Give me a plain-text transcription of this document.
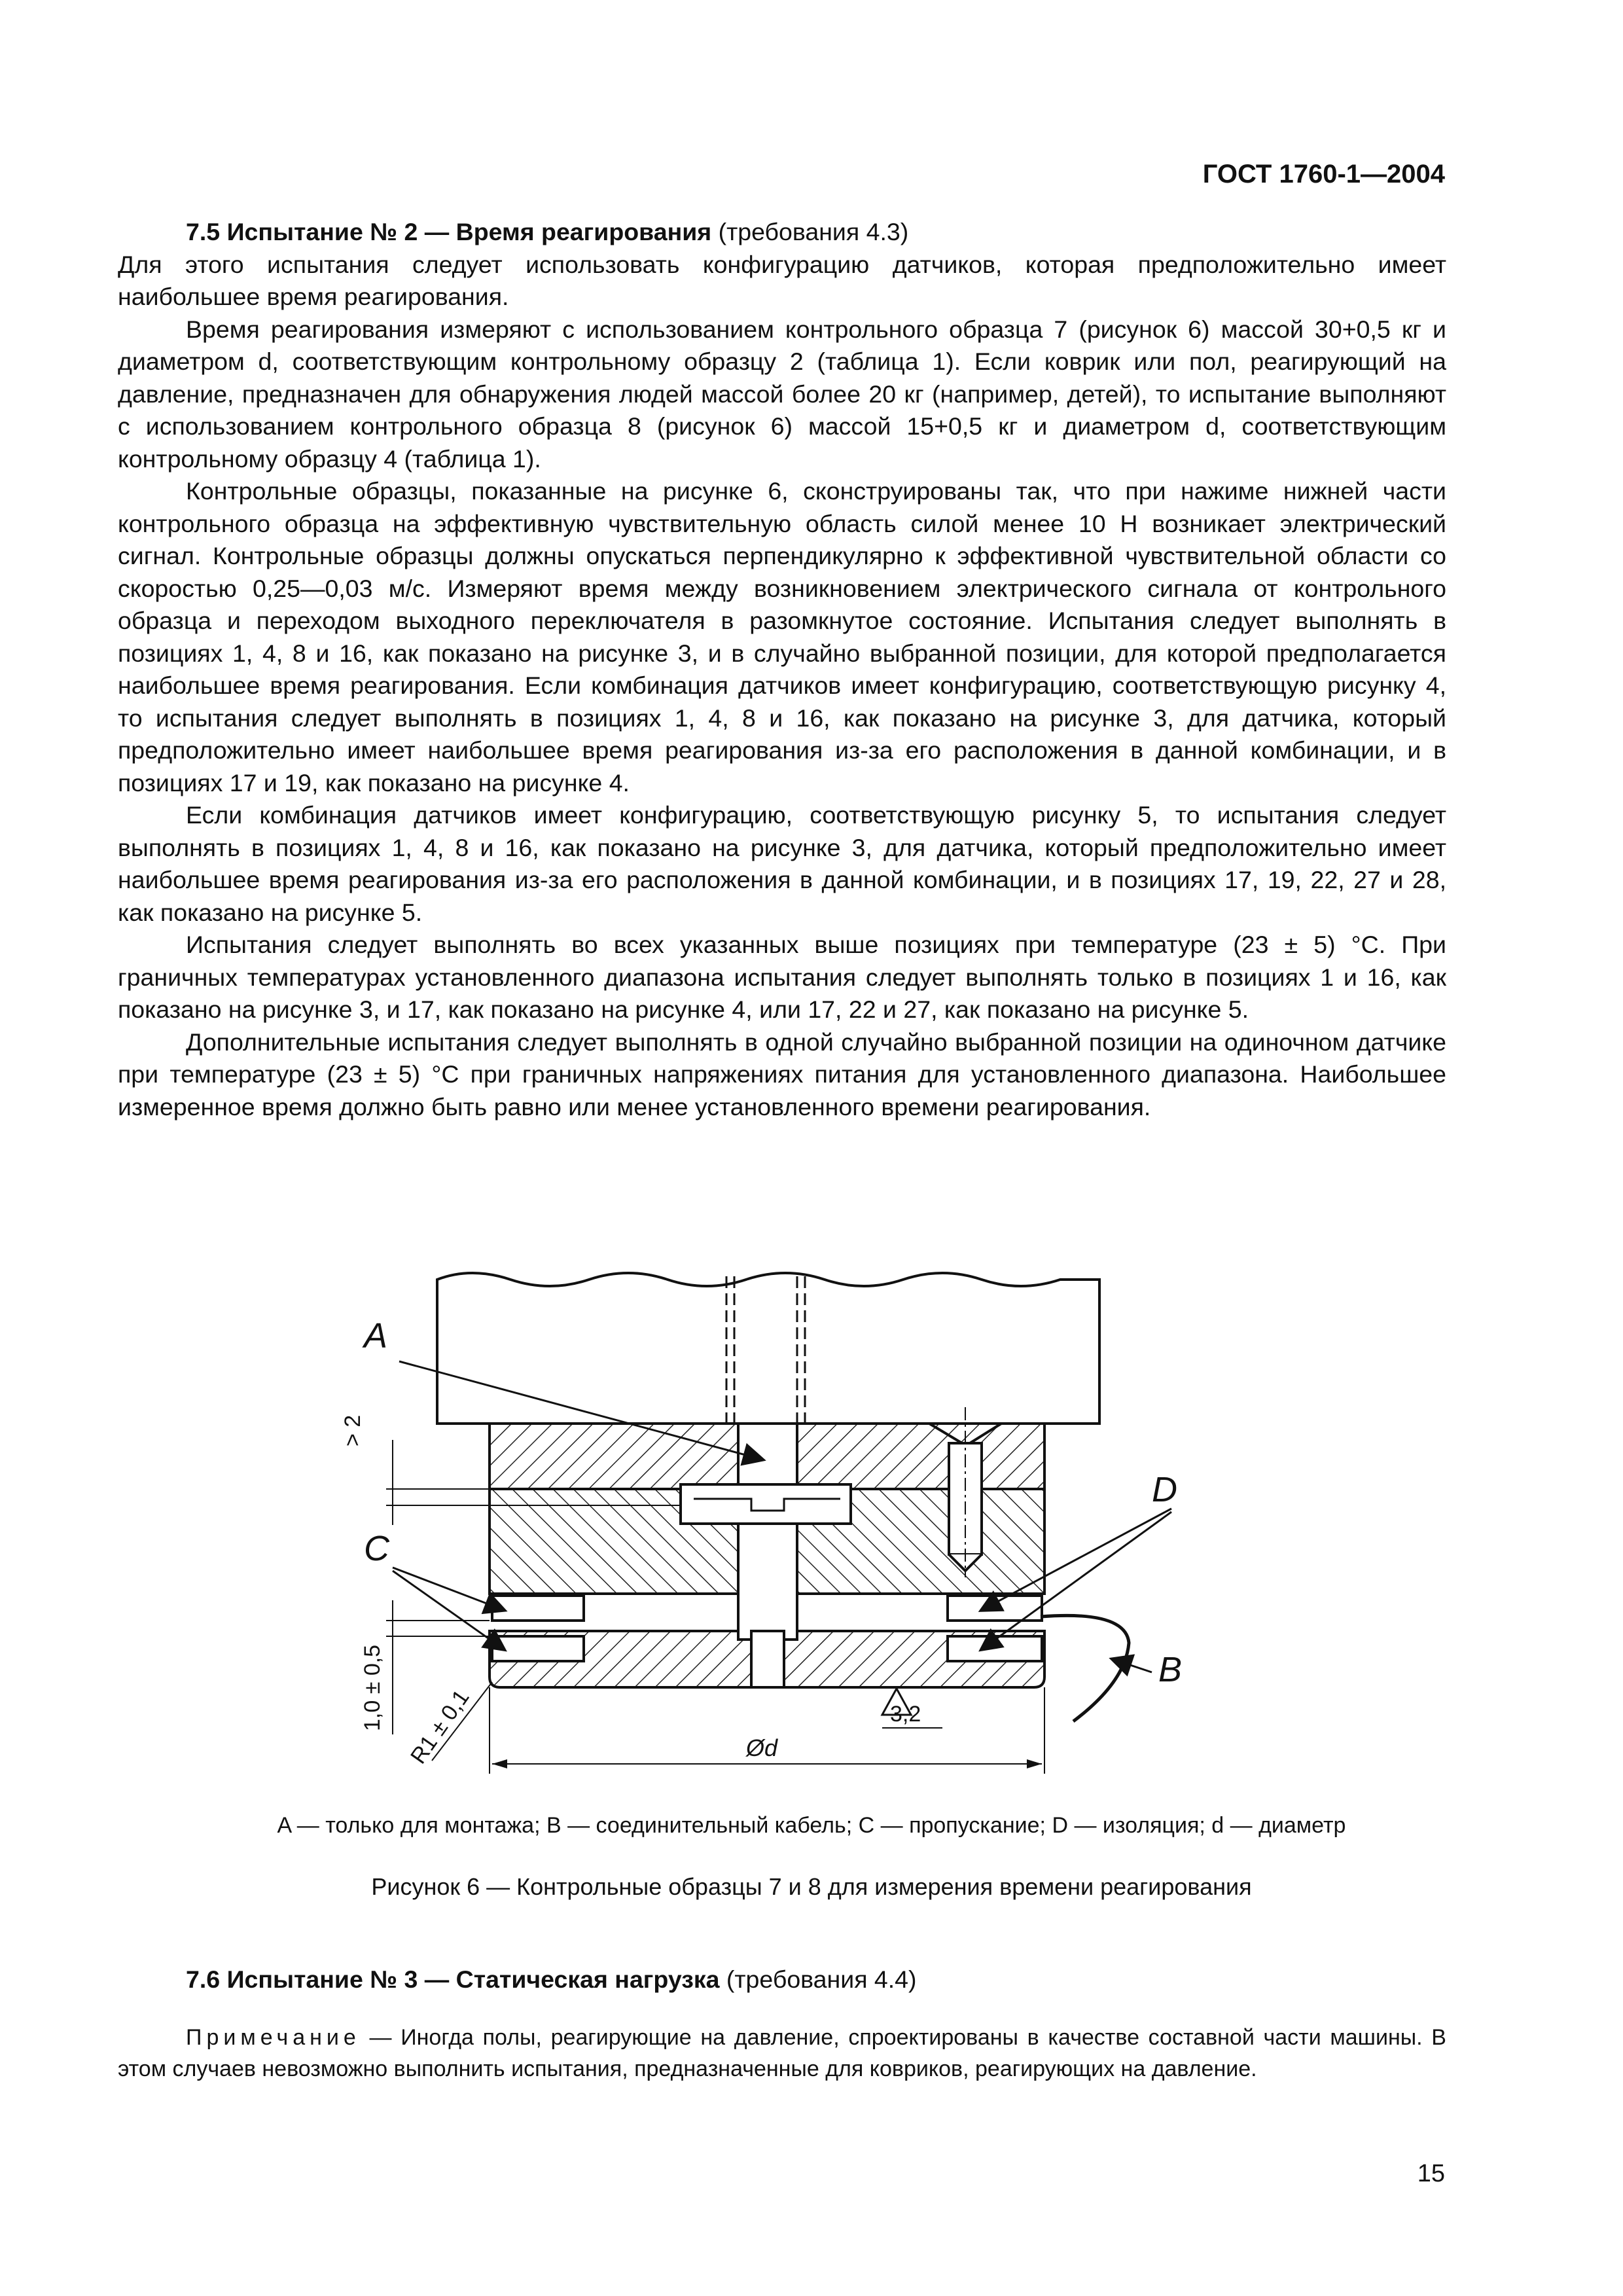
ГОСТ 1760-1—2004

7.5 Испытание № 2 — Время реагирования (требования 4.3)

Для этого испытания следует использовать конфигурацию датчиков, которая предположительно имеет наибольшее время реагирования.

Время реагирования измеряют с использованием контрольного образца 7 (рисунок 6) массой 30+0,5 кг и диаметром d, соответствующим контрольному образцу 2 (таблица 1). Если коврик или пол, реагирующий на давление, предназначен для обнаружения людей массой более 20 кг (например, детей), то испытание выполняют с использованием контрольного образца 8 (рисунок 6) массой 15+0,5 кг и диаметром d, соответствующим контрольному образцу 4 (таблица 1).

Контрольные образцы, показанные на рисунке 6, сконструированы так, что при нажиме нижней части контрольного образца на эффективную чувствительную область силой менее 10 Н возникает электрический сигнал. Контрольные образцы должны опускаться перпендикулярно к эффективной чувствительной области со скоростью 0,25—0,03 м/с. Измеряют время между возникновением электрического сигнала от контрольного образца и переходом выходного переключателя в разомкнутое состояние. Испытания следует выполнять в позициях 1, 4, 8 и 16, как показано на рисунке 3, и в случайно выбранной позиции, для которой предполагается наибольшее время реагирования. Если комбинация датчиков имеет конфигурацию, соответствующую рисунку 4, то испытания следует выполнять в позициях 1, 4, 8 и 16, как показано на рисунке 3, для датчика, который предположительно имеет наибольшее время реагирования из-за его расположения в данной комбинации, и в позициях 17 и 19, как показано на рисунке 4.

Если комбинация датчиков имеет конфигурацию, соответствующую рисунку 5, то испытания следует выполнять в позициях 1, 4, 8 и 16, как показано на рисунке 3, для датчика, который предположительно имеет наибольшее время реагирования из-за его расположения в данной комбинации, и в позициях 17, 19, 22, 27 и 28, как показано на рисунке 5.

Испытания следует выполнять во всех указанных выше позициях при температуре (23 ± 5) °С. При граничных температурах установленного диапазона испытания следует выполнять только в позициях 1 и 16, как показано на рисунке 3, и 17, как показано на рисунке 4, или 17, 22 и 27, как показано на рисунке 5.

Дополнительные испытания следует выполнять в одной случайно выбранной позиции на одиночном датчике при температуре (23 ± 5) °С при граничных напряжениях питания для установленного диапазона. Наибольшее измеренное время должно быть равно или менее установленного времени реагирования.

A
C
D
B
> 2
1,0 ± 0,5 R1 ± 0,1	Ød
3,2
A — только для монтажа; B — соединительный кабель; C — пропускание; D — изоляция; d — диаметр
Рисунок 6 — Контрольные образцы 7 и 8 для измерения времени реагирования

7.6 Испытание № 3 — Статическая нагрузка (требования 4.4)

Примечание — Иногда полы, реагирующие на давление, спроектированы в качестве составной части машины. В этом случаев невозможно выполнить испытания, предназначенные для ковриков, реагирующих на давление.
15
